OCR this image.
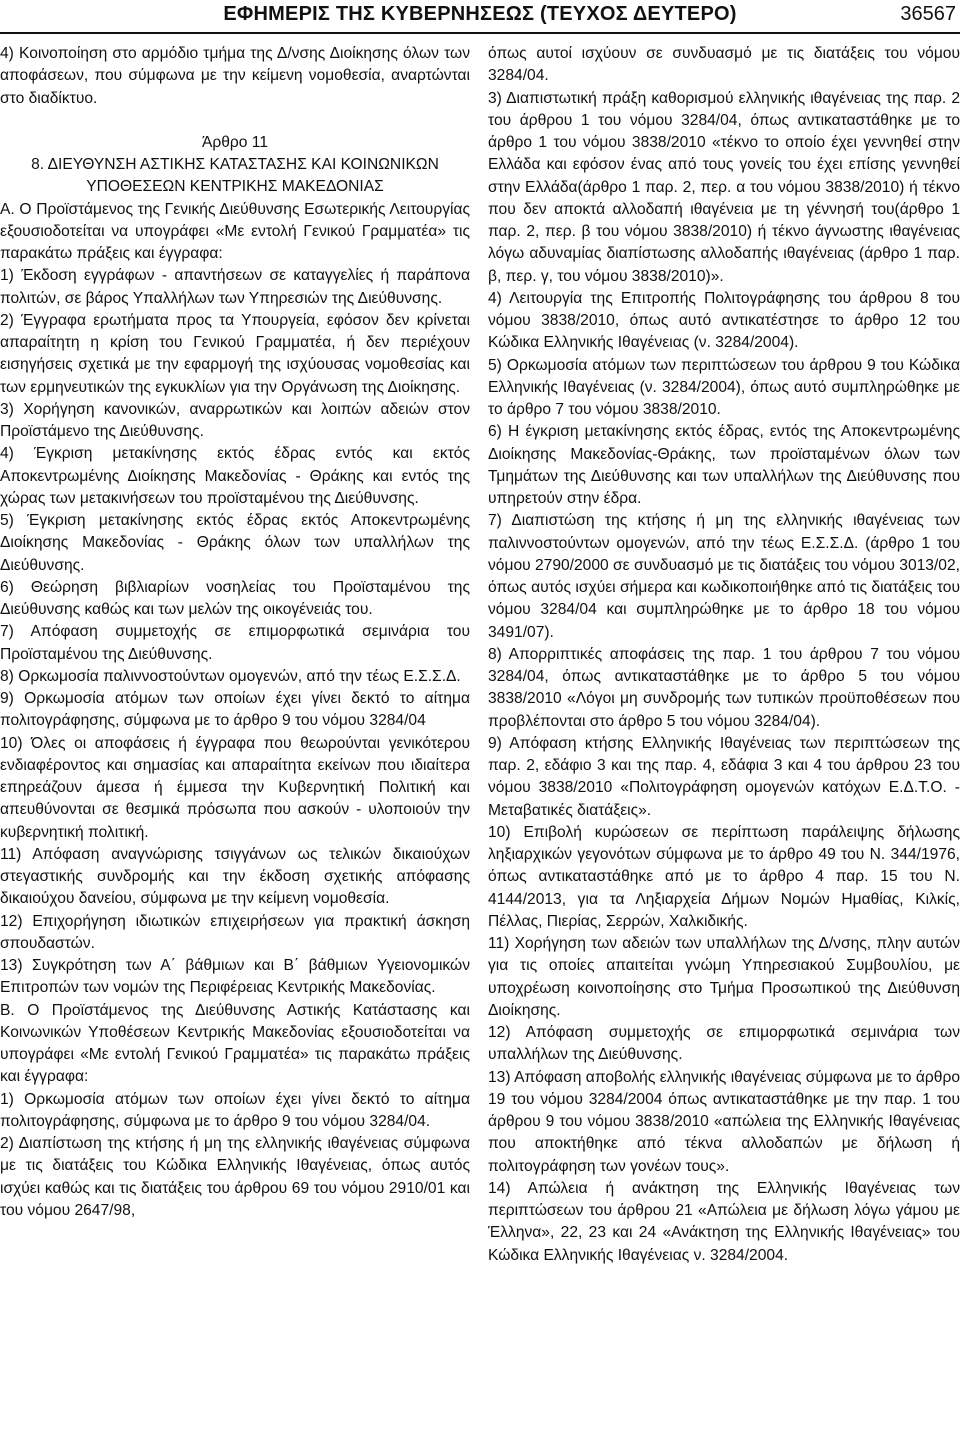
ΕΦΗΜΕΡΙΣ ΤΗΣ ΚΥΒΕΡΝΗΣΕΩΣ (ΤΕΥΧΟΣ ΔΕΥΤΕΡΟ)	36567

4) Κοινοποίηση στο αρμόδιο τμήμα της Δ/νσης Διοίκησης όλων των αποφάσεων, που σύμφωνα με την κείμενη νομοθεσία, αναρτώνται στο διαδίκτυο.

Άρθρο 11

8. ΔΙΕΥΘΥΝΣΗ ΑΣΤΙΚΗΣ ΚΑΤΑΣΤΑΣΗΣ ΚΑΙ ΚΟΙΝΩΝΙΚΩΝ ΥΠΟΘΕΣΕΩΝ ΚΕΝΤΡΙΚΗΣ ΜΑΚΕΔΟΝΙΑΣ

Α. Ο Προϊστάμενος της Γενικής Διεύθυνσης Εσωτερικής Λειτουργίας εξουσιοδοτείται να υπογράφει «Με εντολή Γενικού Γραμματέα» τις παρακάτω πράξεις και έγγραφα:

1) Έκδοση εγγράφων - απαντήσεων σε καταγγελίες ή παράπονα πολιτών, σε βάρος Υπαλλήλων των Υπηρεσιών της Διεύθυνσης.

2) Έγγραφα ερωτήματα προς τα Υπουργεία, εφόσον δεν κρίνεται απαραίτητη η κρίση του Γενικού Γραμματέα, ή δεν περιέχουν εισηγήσεις σχετικά με την εφαρμογή της ισχύουσας νομοθεσίας και των ερμηνευτικών της εγκυκλίων για την Οργάνωση της Διοίκησης.

3) Χορήγηση κανονικών, αναρρωτικών και λοιπών αδειών στον Προϊστάμενο της Διεύθυνσης.

4) Έγκριση μετακίνησης εκτός έδρας εντός και εκτός Αποκεντρωμένης Διοίκησης Μακεδονίας - Θράκης και εντός της χώρας των μετακινήσεων του προϊσταμένου της Διεύθυνσης.

5) Έγκριση μετακίνησης εκτός έδρας εκτός Αποκεντρωμένης Διοίκησης Μακεδονίας - Θράκης όλων των υπαλλήλων της Διεύθυνσης.

6) Θεώρηση βιβλιαρίων νοσηλείας του Προϊσταμένου της Διεύθυνσης καθώς και των μελών της οικογένειάς του.

7) Απόφαση συμμετοχής σε επιμορφωτικά σεμινάρια του Προϊσταμένου της Διεύθυνσης.

8) Ορκωμοσία παλιννοστούντων ομογενών, από την τέως Ε.Σ.Σ.Δ.

9) Ορκωμοσία ατόμων των οποίων έχει γίνει δεκτό το αίτημα πολιτογράφησης, σύμφωνα με το άρθρο 9 του νόμου 3284/04

10) Όλες οι αποφάσεις ή έγγραφα που θεωρούνται γενικότερου ενδιαφέροντος και σημασίας και απαραίτητα εκείνων που ιδιαίτερα επηρεάζουν άμεσα ή έμμεσα την Κυβερνητική Πολιτική και απευθύνονται σε θεσμικά πρόσωπα που ασκούν - υλοποιούν την κυβερνητική πολιτική.

11) Απόφαση αναγνώρισης τσιγγάνων ως τελικών δικαιούχων στεγαστικής συνδρομής και την έκδοση σχετικής απόφασης δικαιούχου δανείου, σύμφωνα με την κείμενη νομοθεσία.

12) Επιχορήγηση ιδιωτικών επιχειρήσεων για πρακτική άσκηση σπουδαστών.

13) Συγκρότηση των Α΄ βάθμιων και Β΄ βάθμιων Υγειονομικών Επιτροπών των νομών της Περιφέρειας Κεντρικής Μακεδονίας.

Β. Ο Προϊστάμενος της Διεύθυνσης Αστικής Κατάστασης και Κοινωνικών Υποθέσεων Κεντρικής Μακεδονίας εξουσιοδοτείται να υπογράφει «Με εντολή Γενικού Γραμματέα» τις παρακάτω πράξεις και έγγραφα:

1) Ορκωμοσία ατόμων των οποίων έχει γίνει δεκτό το αίτημα πολιτογράφησης, σύμφωνα με το άρθρο 9 του νόμου 3284/04.

2) Διαπίστωση της κτήσης ή μη της ελληνικής ιθαγένειας σύμφωνα με τις διατάξεις του Κώδικα Ελληνικής Ιθαγένειας, όπως αυτός ισχύει καθώς και τις διατάξεις του άρθρου 69 του νόμου 2910/01 και του νόμου 2647/98,

όπως αυτοί ισχύουν σε συνδυασμό με τις διατάξεις του νόμου 3284/04.

3) Διαπιστωτική πράξη καθορισμού ελληνικής ιθαγένειας της παρ. 2 του άρθρου 1 του νόμου 3284/04, όπως αντικαταστάθηκε με το άρθρο 1 του νόμου 3838/2010 «τέκνο το οποίο έχει γεννηθεί στην Ελλάδα και εφόσον ένας από τους γονείς του έχει επίσης γεννηθεί στην Ελλάδα(άρθρο 1 παρ. 2, περ. α του νόμου 3838/2010) ή τέκνο που δεν αποκτά αλλοδαπή ιθαγένεια με τη γέννησή του(άρθρο 1 παρ. 2, περ. β του νόμου 3838/2010) ή τέκνο άγνωστης ιθαγένειας λόγω αδυναμίας διαπίστωσης αλλοδαπής ιθαγένειας (άρθρο 1 παρ. β, περ. γ, του νόμου 3838/2010)».

4) Λειτουργία της Επιτροπής Πολιτογράφησης του άρθρου 8 του νόμου 3838/2010, όπως αυτό αντικατέστησε το άρθρο 12 του Κώδικα Ελληνικής Ιθαγένειας (ν. 3284/2004).

5) Ορκωμοσία ατόμων των περιπτώσεων του άρθρου 9 του Κώδικα Ελληνικής Ιθαγένειας (ν. 3284/2004), όπως αυτό συμπληρώθηκε με το άρθρο 7 του νόμου 3838/2010.

6) Η έγκριση μετακίνησης εκτός έδρας, εντός της Αποκεντρωμένης Διοίκησης Μακεδονίας-Θράκης, των προϊσταμένων όλων των Τμημάτων της Διεύθυνσης και των υπαλλήλων της Διεύθυνσης που υπηρετούν στην έδρα.

7) Διαπιστώση της κτήσης ή μη της ελληνικής ιθαγένειας των παλιννοστούντων ομογενών, από την τέως Ε.Σ.Σ.Δ. (άρθρο 1 του νόμου 2790/2000 σε συνδυασμό με τις διατάξεις του νόμου 3013/02, όπως αυτός ισχύει σήμερα και κωδικοποιήθηκε από τις διατάξεις του νόμου 3284/04 και συμπληρώθηκε με το άρθρο 18 του νόμου 3491/07).

8) Απορριπτικές αποφάσεις της παρ. 1 του άρθρου 7 του νόμου 3284/04, όπως αντικαταστάθηκε με το άρθρο 5 του νόμου 3838/2010 «Λόγοι μη συνδρομής των τυπικών προϋποθέσεων που προβλέπονται στο άρθρο 5 του νόμου 3284/04).

9) Απόφαση κτήσης Ελληνικής Ιθαγένειας των περιπτώσεων της παρ. 2, εδάφιο 3 και της παρ. 4, εδάφια 3 και 4 του άρθρου 23 του νόμου 3838/2010 «Πολιτογράφηση ομογενών κατόχων Ε.Δ.Τ.Ο. - Μεταβατικές διατάξεις».

10) Επιβολή κυρώσεων σε περίπτωση παράλειψης δήλωσης ληξιαρχικών γεγονότων σύμφωνα με το άρθρο 49 του Ν. 344/1976, όπως αντικαταστάθηκε από με το άρθρο 4 παρ. 15 του Ν. 4144/2013, για τα Ληξιαρχεία Δήμων Νομών Ημαθίας, Κιλκίς, Πέλλας, Πιερίας, Σερρών, Χαλκιδικής.

11) Χορήγηση των αδειών των υπαλλήλων της Δ/νσης, πλην αυτών για τις οποίες απαιτείται γνώμη Υπηρεσιακού Συμβουλίου, με υποχρέωση κοινοποίησης στο Τμήμα Προσωπικού της Διεύθυνση Διοίκησης.

12) Απόφαση συμμετοχής σε επιμορφωτικά σεμινάρια των υπαλλήλων της Διεύθυνσης.

13) Απόφαση αποβολής ελληνικής ιθαγένειας σύμφωνα με το άρθρο 19 του νόμου 3284/2004 όπως αντικαταστάθηκε με την παρ. 1 του άρθρου 9 του νόμου 3838/2010 «απώλεια της Ελληνικής Ιθαγένειας που αποκτήθηκε από τέκνα αλλοδαπών με δήλωση ή πολιτογράφηση των γονέων τους».

14) Απώλεια ή ανάκτηση της Ελληνικής Ιθαγένειας των περιπτώσεων του άρθρου 21 «Απώλεια με δήλωση λόγω γάμου με Έλληνα», 22, 23 και 24 «Ανάκτηση της Ελληνικής Ιθαγένειας» του Κώδικα Ελληνικής Ιθαγένειας ν. 3284/2004.
